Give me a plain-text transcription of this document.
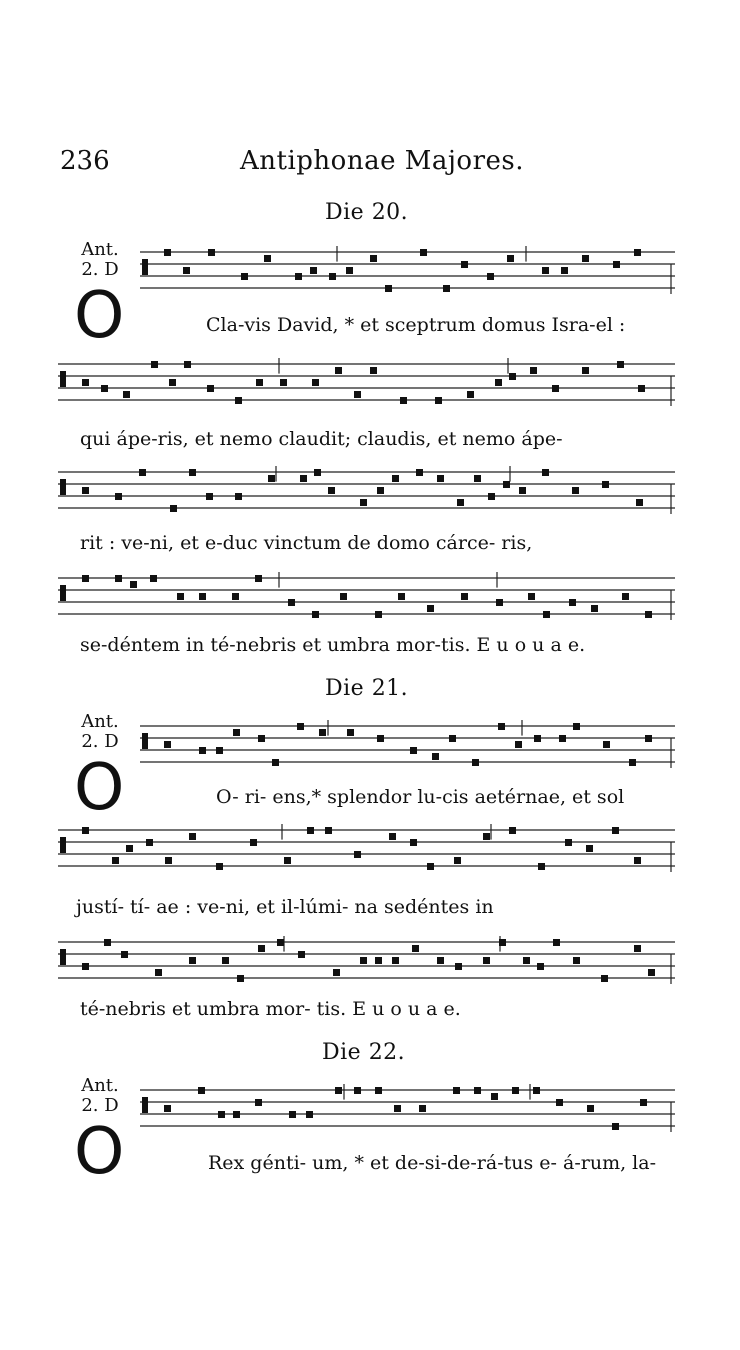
236	Antiphonae Majores.
Die 20.
Ant.
2. D
O	Cla-vis David, * et sceptrum domus Isra-el :
qui ápe-ris, et nemo claudit; claudis, et nemo ápe-
rit : ve-ni, et e-duc vinctum de domo cárce- ris,
se-déntem in té-nebris et umbra mor-tis. E u o u a e.
Die 21.
Ant.
2. D
O	O- ri- ens,* splendor lu-cis aetérnae, et sol
justí- tí- ae : ve-ni, et il-lúmi- na sedéntes in
té-nebris et umbra mor- tis. E u o u a e.
Die 22.
Ant.
2. D
O	Rex génti- um, * et de-si-de-rá-tus e- á-rum, la-
